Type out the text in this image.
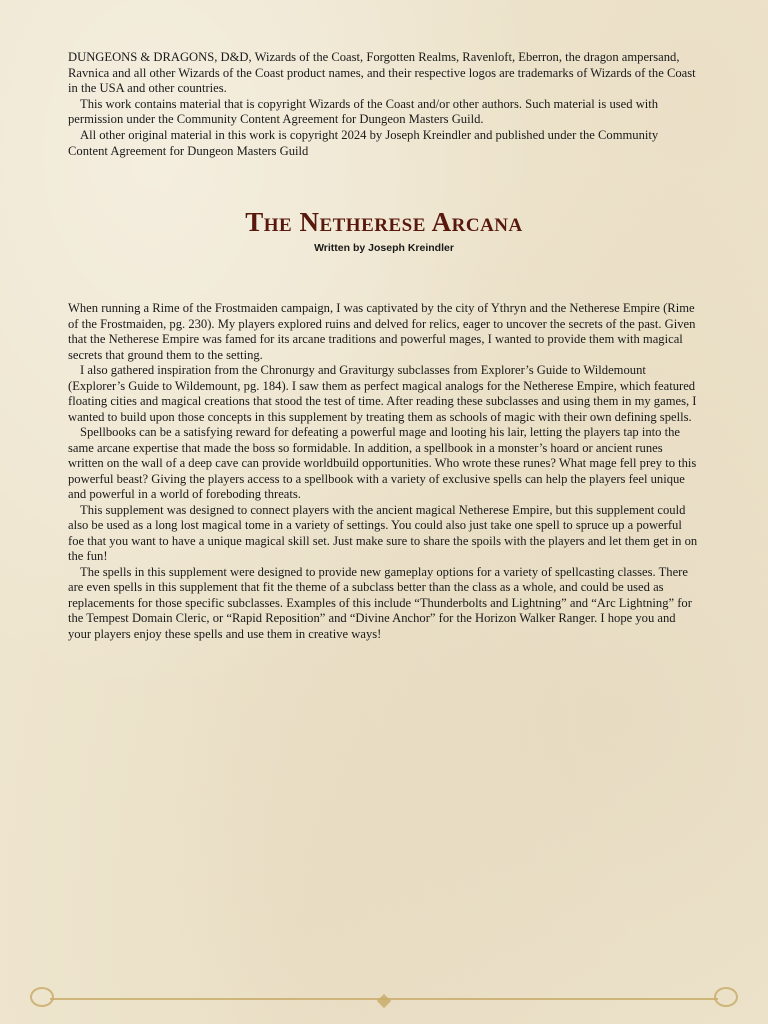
DUNGEONS & DRAGONS, D&D, Wizards of the Coast, Forgotten Realms, Ravenloft, Eberron, the dragon ampersand, Ravnica and all other Wizards of the Coast product names, and their respective logos are trademarks of Wizards of the Coast in the USA and other countries.

This work contains material that is copyright Wizards of the Coast and/or other authors. Such material is used with permission under the Community Content Agreement for Dungeon Masters Guild.

All other original material in this work is copyright 2024 by Joseph Kreindler and published under the Community Content Agreement for Dungeon Masters Guild

The Netherese Arcana
Written by Joseph Kreindler

When running a Rime of the Frostmaiden campaign, I was captivated by the city of Ythryn and the Netherese Empire (Rime of the Frostmaiden, pg. 230). My players explored ruins and delved for relics, eager to uncover the secrets of the past. Given that the Netherese Empire was famed for its arcane traditions and powerful mages, I wanted to provide them with magical secrets that ground them to the setting.

I also gathered inspiration from the Chronurgy and Graviturgy subclasses from Explorer’s Guide to Wildemount (Explorer’s Guide to Wildemount, pg. 184). I saw them as perfect magical analogs for the Netherese Empire, which featured floating cities and magical creations that stood the test of time. After reading these subclasses and using them in my games, I wanted to build upon those concepts in this supplement by treating them as schools of magic with their own defining spells.

Spellbooks can be a satisfying reward for defeating a powerful mage and looting his lair, letting the players tap into the same arcane expertise that made the boss so formidable. In addition, a spellbook in a monster’s hoard or ancient runes written on the wall of a deep cave can provide worldbuild opportunities. Who wrote these runes? What mage fell prey to this powerful beast? Giving the players access to a spellbook with a variety of exclusive spells can help the players feel unique and powerful in a world of foreboding threats.

This supplement was designed to connect players with the ancient magical Netherese Empire, but this supplement could also be used as a long lost magical tome in a variety of settings. You could also just take one spell to spruce up a powerful foe that you want to have a unique magical skill set. Just make sure to share the spoils with the players and let them get in on the fun!

The spells in this supplement were designed to provide new gameplay options for a variety of spellcasting classes. There are even spells in this supplement that fit the theme of a subclass better than the class as a whole, and could be used as replacements for those specific subclasses. Examples of this include “Thunderbolts and Lightning” and “Arc Lightning” for the Tempest Domain Cleric, or “Rapid Reposition” and “Divine Anchor” for the Horizon Walker Ranger. I hope you and your players enjoy these spells and use them in creative ways!
